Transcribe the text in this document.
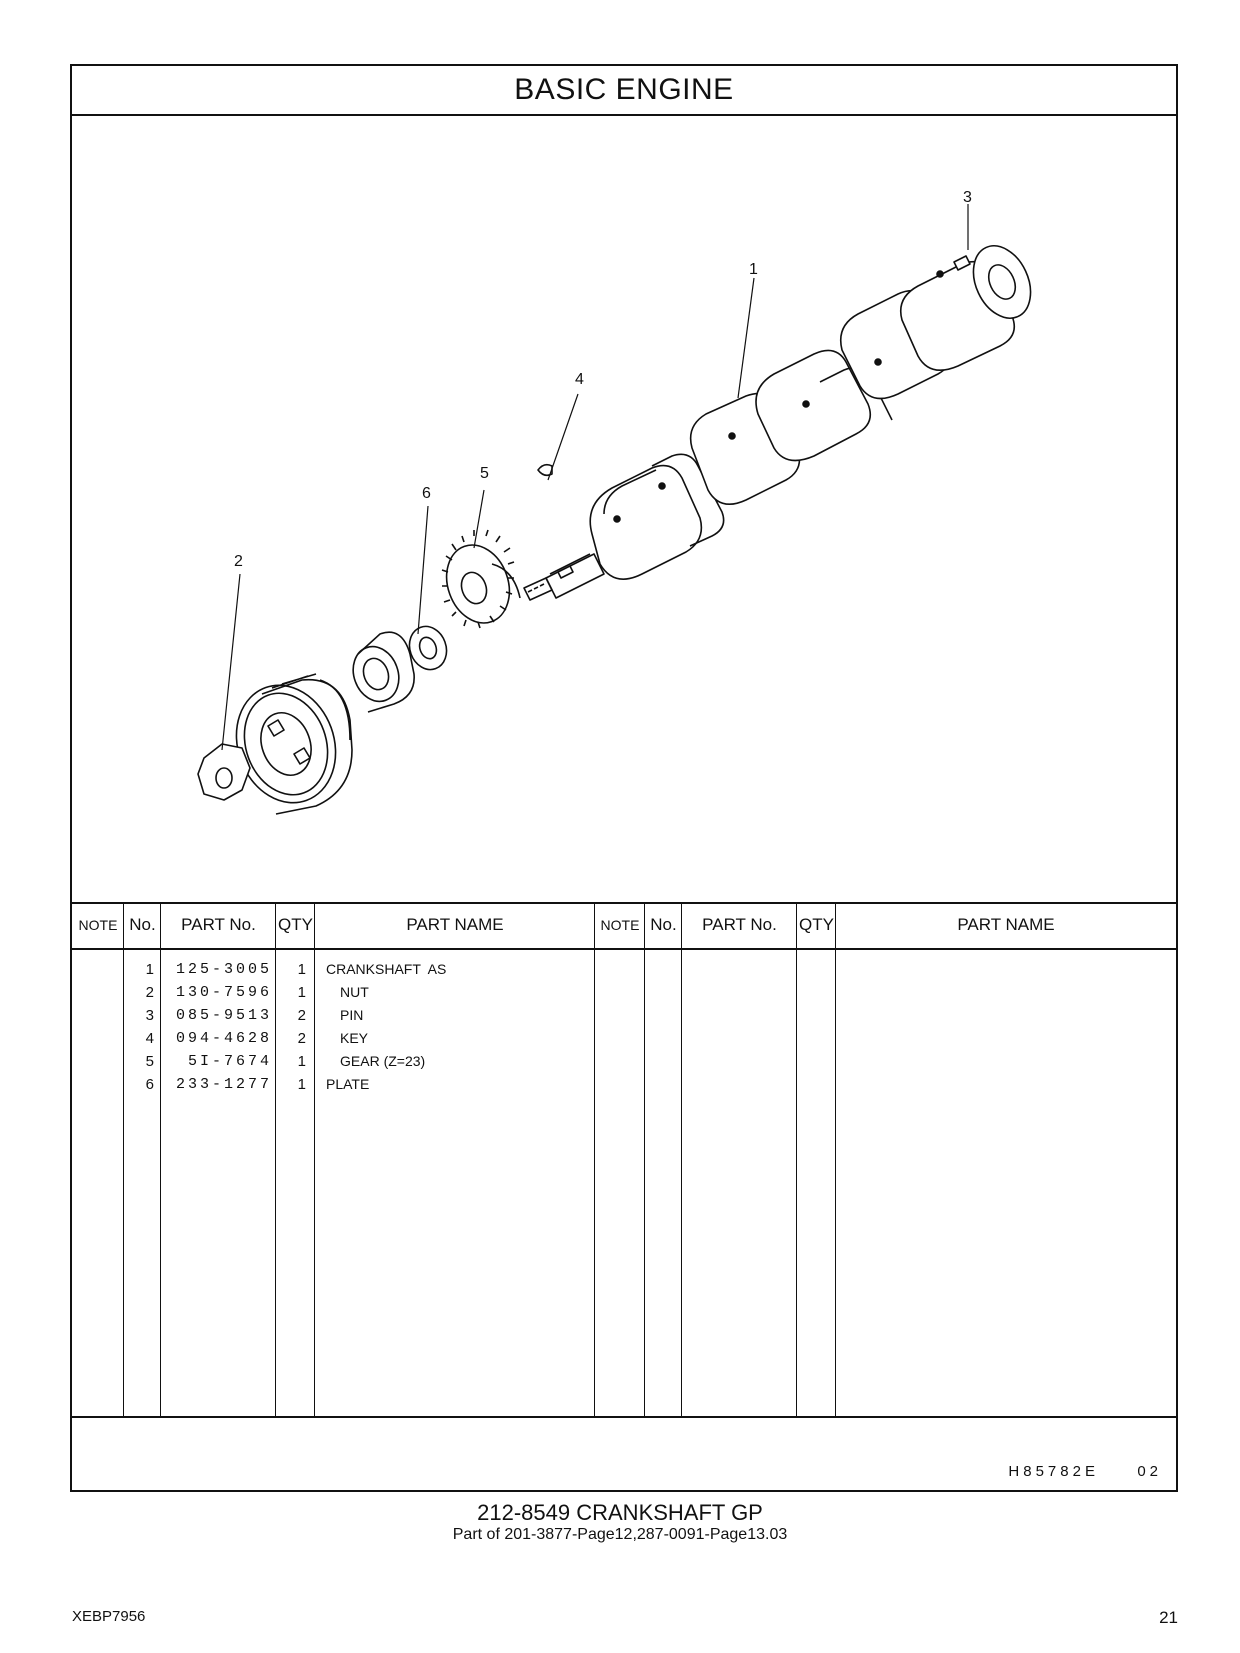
BASIC ENGINE
3
1
4
5
6
2
NOTE No.	PART No.	QTY	PART NAME	NOTE No.	PART No.	QTY	PART NAME
1	125-3005	1 CRANKSHAFT  AS
2	130-7596	1 NUT
3	085-9513	2 PIN
4	094-4628	2 KEY
5	5I-7674	1 GEAR (Z=23)
6	233-1277	1 PLATE
H85782E	02
212-8549 CRANKSHAFT GP
Part of 201-3877-Page12,287-0091-Page13.03
XEBP7956	21
